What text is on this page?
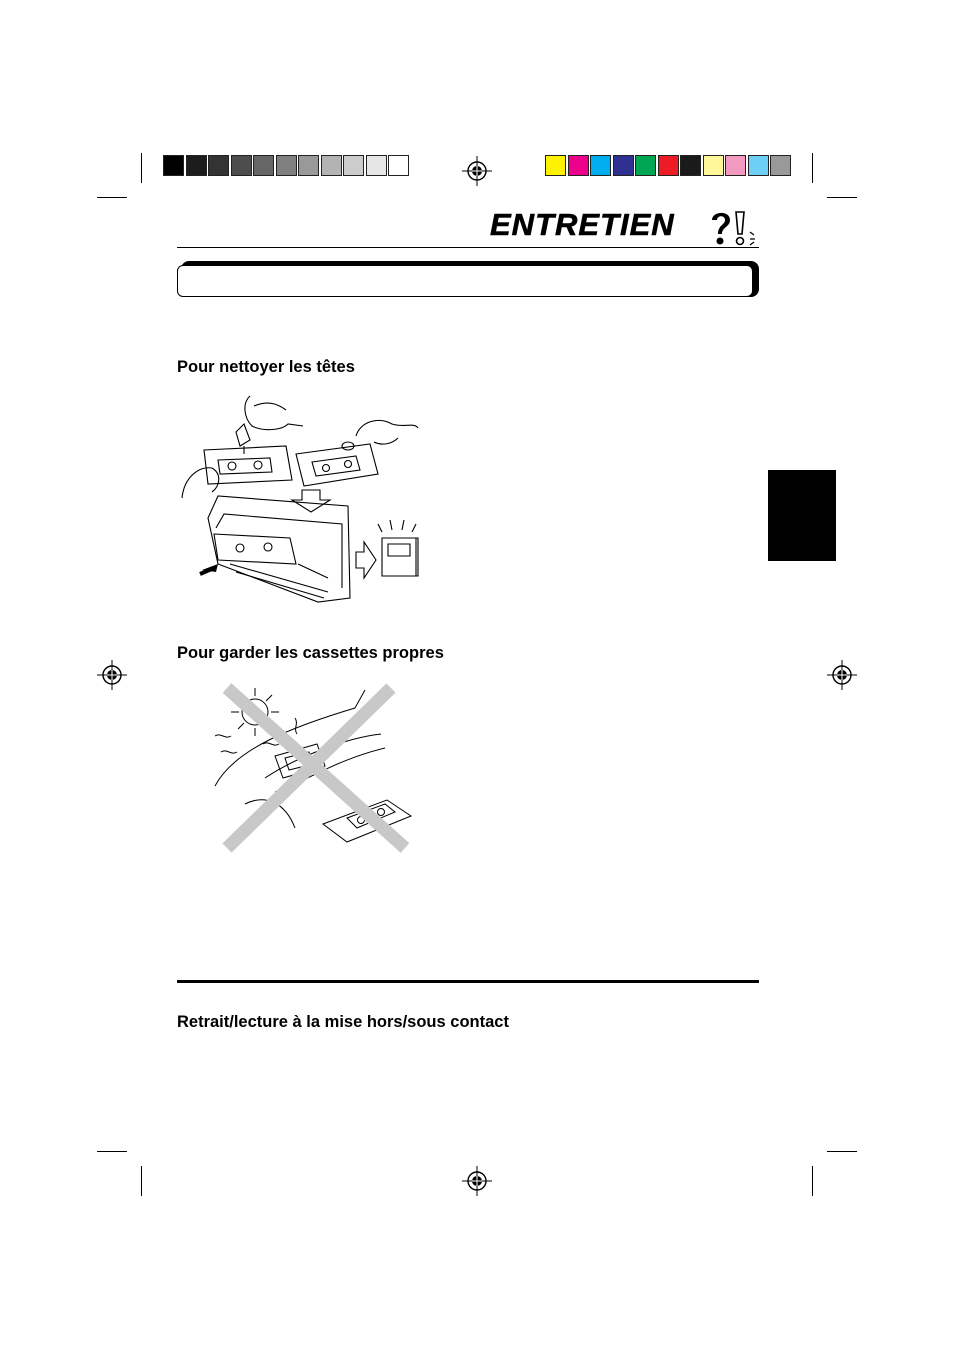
ENTRETIEN
Pour nettoyer les têtes
Pour garder les cassettes propres
Retrait/lecture à la mise hors/sous contact
